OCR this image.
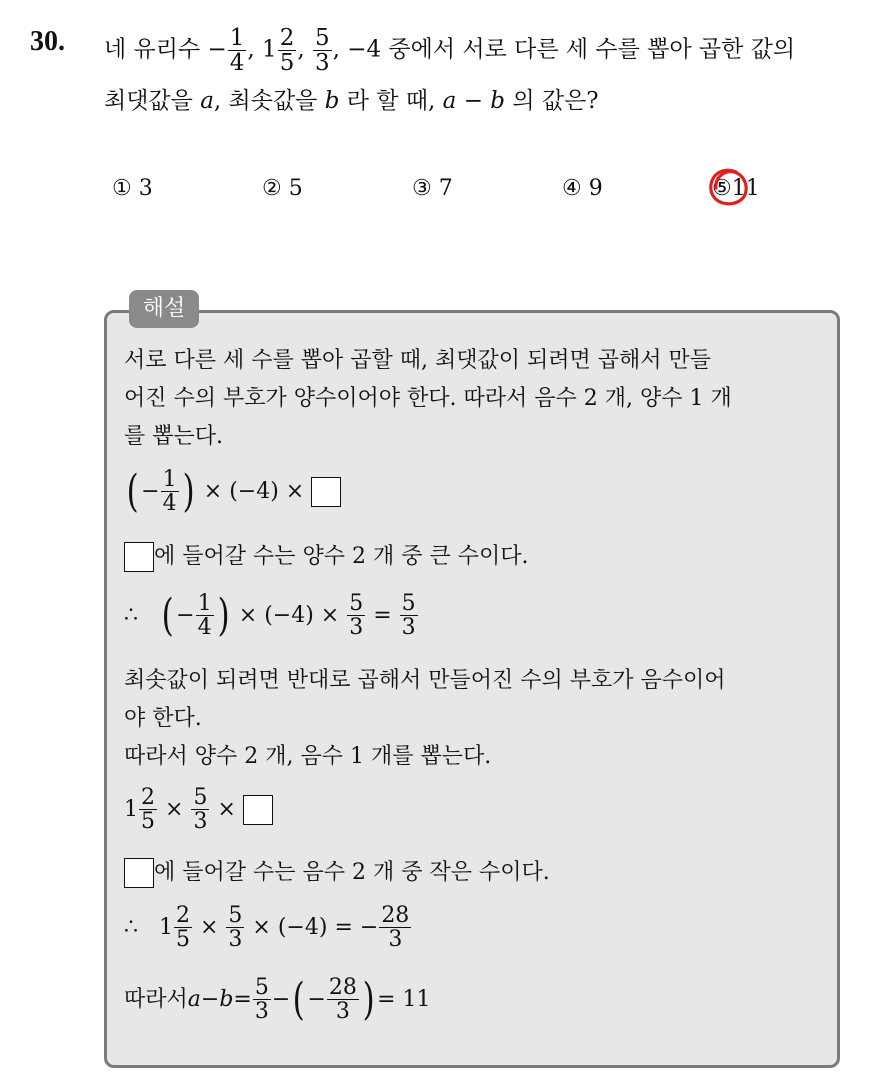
30. 네 유리수 − $\frac{1}{4}$ , $1 \frac{2}{5}$ , $\frac{5}{3}$ , −4 중에서 서로 다른 세 수를 뽑아 곱한 값의
최댓값을 a, 최솟값을 b 라 할 때, a − b 의 값은?
① 3	② 5	③ 7	④ 9	⑤11
해설
서로 다른 세 수를 뽑아 곱할 때, 최댓값이 되려면 곱해서 만들
어진 수의 부호가 양수이어야 한다. 따라서 음수 2 개, 양수 1 개
를 뽑는다.
( − $\frac{1}{4}$ )
× (−4) ×

에 들어갈 수는 양수 2 개 중 큰 수이다.
∴
( − $\frac{1}{4}$ )
× (−4) ×
$\frac{5}{3}$
=
$\frac{5}{3}$
최솟값이 되려면 반대로 곱해서 만들어진 수의 부호가 음수이어
야 한다.
따라서 양수 2 개, 음수 1 개를 뽑는다.
$1 \frac{2}{5}$
×
$\frac{5}{3}$
×

에 들어갈 수는 음수 2 개 중 작은 수이다.
∴
$1 \frac{2}{5}$
×
$\frac{5}{3}$
× (−4) =
− $\frac{28}{3}$
따라서 $a - b = \frac{5}{3}$ − ( − $\frac{28}{3}$ ) = 11
